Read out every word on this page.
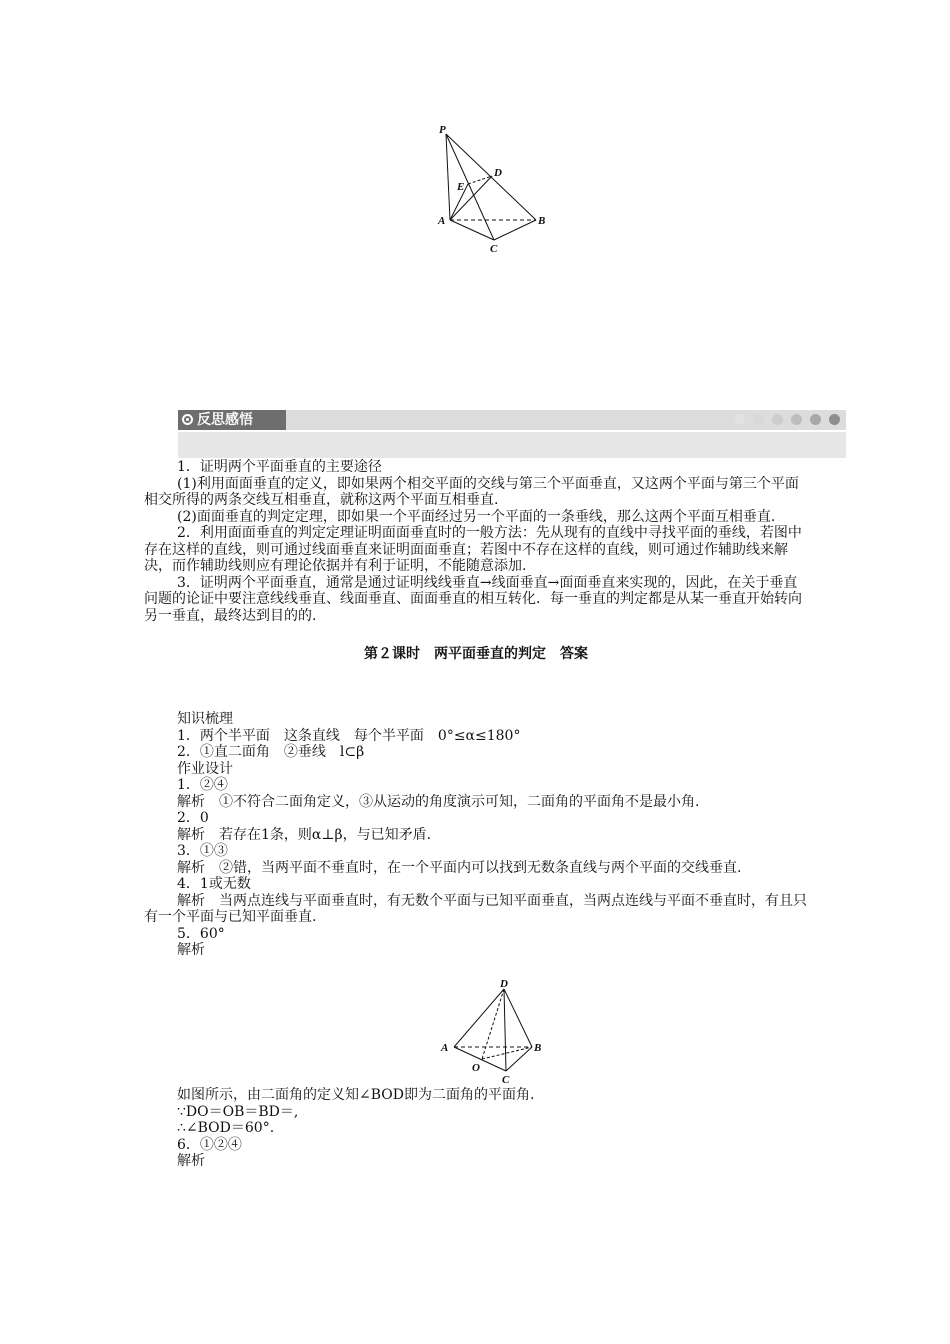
P
D
E
A	B
C
反思感悟

1．证明两个平面垂直的主要途径

(1)利用面面垂直的定义，即如果两个相交平面的交线与第三个平面垂直，又这两个平面与第三个平面相交所得的两条交线互相垂直，就称这两个平面互相垂直.

(2)面面垂直的判定定理，即如果一个平面经过另一个平面的一条垂线，那么这两个平面互相垂直.

2．利用面面垂直的判定定理证明面面垂直时的一般方法：先从现有的直线中寻找平面的垂线，若图中存在这样的直线，则可通过线面垂直来证明面面垂直；若图中不存在这样的直线，则可通过作辅助线来解决，而作辅助线则应有理论依据并有利于证明，不能随意添加.

3．证明两个平面垂直，通常是通过证明线线垂直→线面垂直→面面垂直来实现的，因此，在关于垂直问题的论证中要注意线线垂直、线面垂直、面面垂直的相互转化．每一垂直的判定都是从某一垂直开始转向另一垂直，最终达到目的的.

第２课时　两平面垂直的判定　答案

知识梳理

1．两个半平面　这条直线　每个半平面　0°≤α≤180°

2．①直二面角　②垂线　l⊂β

作业设计

1．②④

解析　①不符合二面角定义，③从运动的角度演示可知，二面角的平面角不是最小角.

2．0

解析　若存在1条，则α⊥β，与已知矛盾.

3．①③

解析　②错，当两平面不垂直时，在一个平面内可以找到无数条直线与两个平面的交线垂直.

4．1或无数

解析　当两点连线与平面垂直时，有无数个平面与已知平面垂直，当两点连线与平面不垂直时，有且只有一个平面与已知平面垂直.

5．60°

解析

D
A	B
O
C

如图所示，由二面角的定义知∠BOD即为二面角的平面角.

∵DO＝OB＝BD＝,

∴∠BOD＝60°.

6．①②④

解析
